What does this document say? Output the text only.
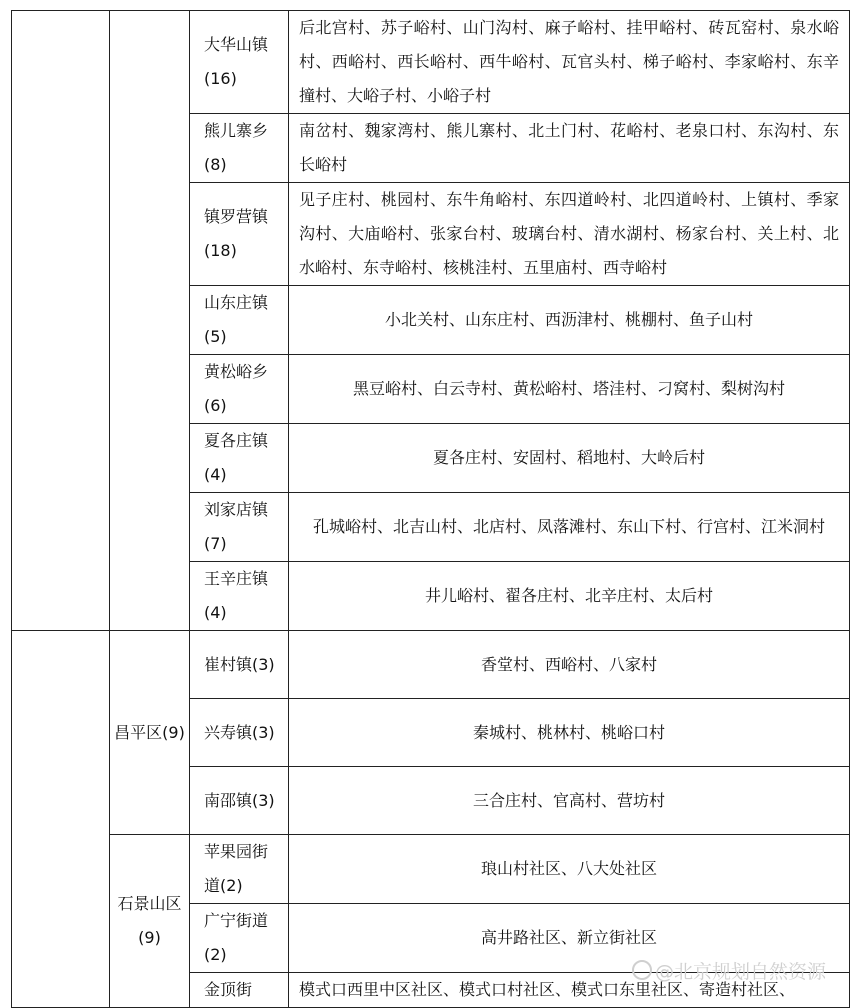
		大华山镇(16)	后北宫村、苏子峪村、山门沟村、麻子峪村、挂甲峪村、砖瓦窑村、泉水峪村、西峪村、西长峪村、西牛峪村、瓦官头村、梯子峪村、李家峪村、东辛撞村、大峪子村、小峪子村
		熊儿寨乡(8)	南岔村、魏家湾村、熊儿寨村、北土门村、花峪村、老泉口村、东沟村、东长峪村
		镇罗营镇(18)	见子庄村、桃园村、东牛角峪村、东四道岭村、北四道岭村、上镇村、季家沟村、大庙峪村、张家台村、玻璃台村、清水湖村、杨家台村、关上村、北水峪村、东寺峪村、核桃洼村、五里庙村、西寺峪村
		山东庄镇(5)	小北关村、山东庄村、西沥津村、桃棚村、鱼子山村
		黄松峪乡(6)	黑豆峪村、白云寺村、黄松峪村、塔洼村、刁窝村、梨树沟村
		夏各庄镇(4)	夏各庄村、安固村、稻地村、大岭后村
		刘家店镇(7)	孔城峪村、北吉山村、北店村、凤落滩村、东山下村、行宫村、江米洞村
		王辛庄镇(4)	井儿峪村、翟各庄村、北辛庄村、太后村
	昌平区(9)	崔村镇(3)	香堂村、西峪村、八家村
		兴寿镇(3)	秦城村、桃林村、桃峪口村
		南邵镇(3)	三合庄村、官高村、营坊村
	石景山区(9)	苹果园街道(2)	琅山村社区、八大处社区
		广宁街道(2)	高井路社区、新立街社区
		金顶街	模式口西里中区社区、模式口村社区、模式口东里社区、寄造村社区、
@北京规划自然资源
